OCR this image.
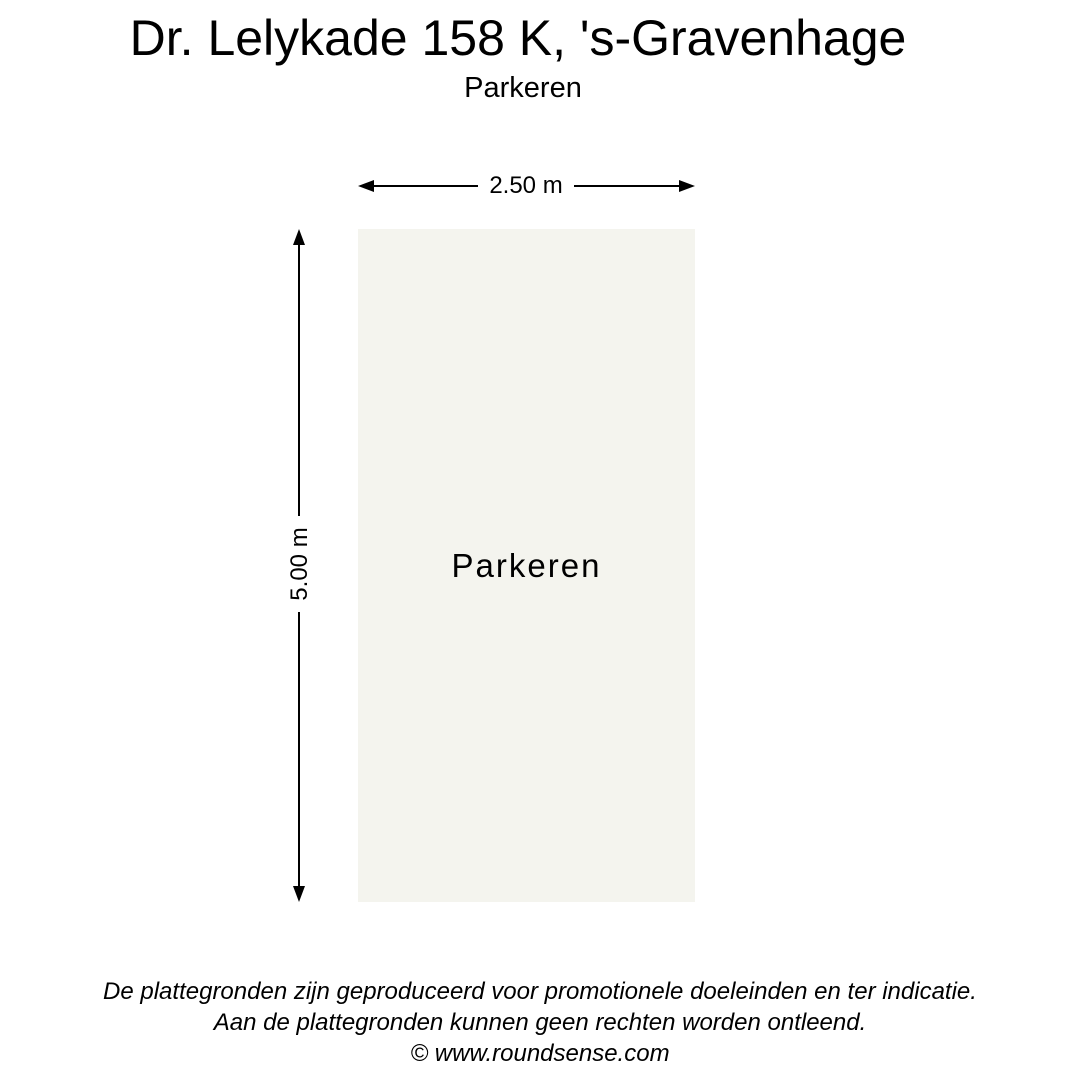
Dr. Lelykade 158 K, 's-Gravenhage
Parkeren
2.50 m
5.00 m	Parkeren
De plattegronden zijn geproduceerd voor promotionele doeleinden en ter indicatie.
Aan de plattegronden kunnen geen rechten worden ontleend.
© www.roundsense.com
